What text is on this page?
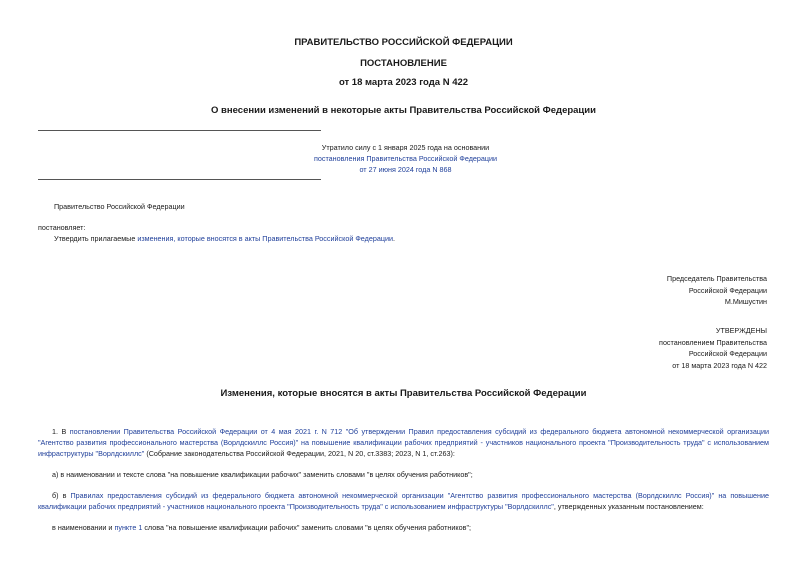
ПРАВИТЕЛЬСТВО РОССИЙСКОЙ ФЕДЕРАЦИИ
ПОСТАНОВЛЕНИЕ
от 18 марта 2023 года N 422
О внесении изменений в некоторые акты Правительства Российской Федерации
Утратило силу с 1 января 2025 года на основании
постановления Правительства Российской Федерации
от 27 июня 2024 года N 868
Правительство Российской Федерации
постановляет:
Утвердить прилагаемые изменения, которые вносятся в акты Правительства Российской Федерации.
Председатель Правительства
Российской Федерации
М.Мишустин
УТВЕРЖДЕНЫ
постановлением Правительства
Российской Федерации
от 18 марта 2023 года N 422
Изменения, которые вносятся в акты Правительства Российской Федерации
1. В постановлении Правительства Российской Федерации от 4 мая 2021 г. N 712 "Об утверждении Правил предоставления субсидий из федерального бюджета автономной некоммерческой организации "Агентство развития профессионального мастерства (Ворлдскиллс Россия)" на повышение квалификации рабочих предприятий - участников национального проекта "Производительность труда" с использованием инфраструктуры "Ворлдскиллс" (Собрание законодательства Российской Федерации, 2021, N 20, ст.3383; 2023, N 1, ст.263):
а) в наименовании и тексте слова "на повышение квалификации рабочих" заменить словами "в целях обучения работников";
б) в Правилах предоставления субсидий из федерального бюджета автономной некоммерческой организации "Агентство развития профессионального мастерства (Ворлдскиллс Россия)" на повышение квалификации рабочих предприятий - участников национального проекта "Производительность труда" с использованием инфраструктуры "Ворлдскиллс", утвержденных указанным постановлением:
в наименовании и пункте 1 слова "на повышение квалификации рабочих" заменить словами "в целях обучения работников";
